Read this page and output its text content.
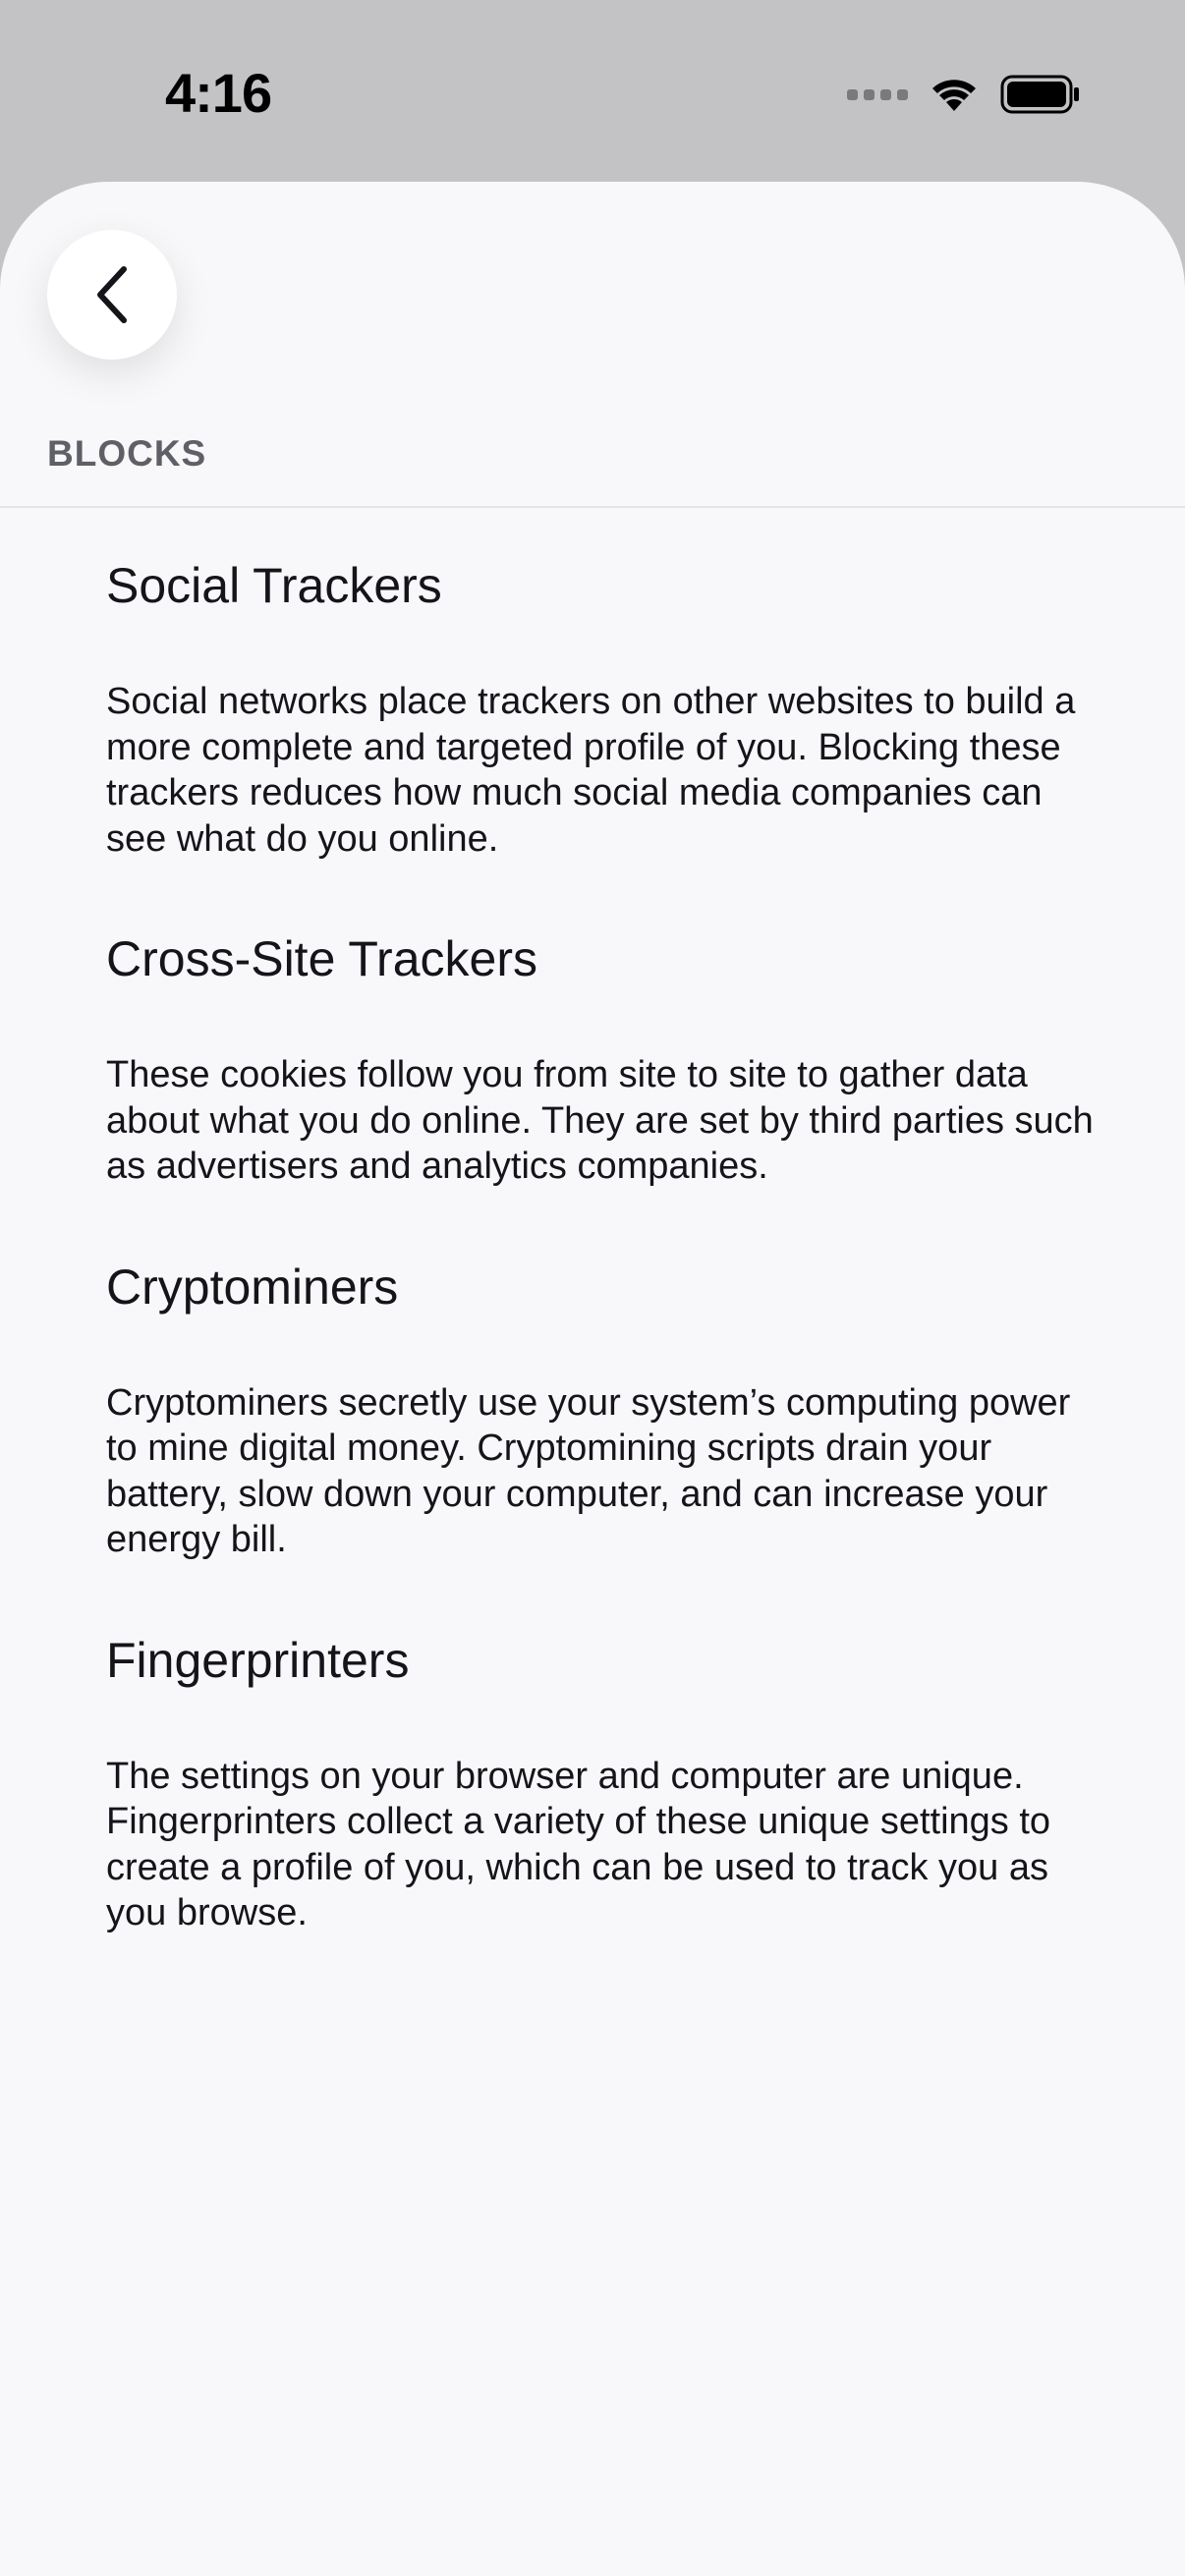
4:16
BLOCKS
Social Trackers

Social networks place trackers on other websites to build a more complete and targeted profile of you. Blocking these trackers reduces how much social media companies can see what do you online.

Cross-Site Trackers

These cookies follow you from site to site to gather data about what you do online. They are set by third parties such as advertisers and analytics companies.

Cryptominers

Cryptominers secretly use your system’s computing power to mine digital money. Cryptomining scripts drain your battery, slow down your computer, and can increase your energy bill.

Fingerprinters

The settings on your browser and computer are unique. Fingerprinters collect a variety of these unique settings to create a profile of you, which can be used to track you as you browse.
